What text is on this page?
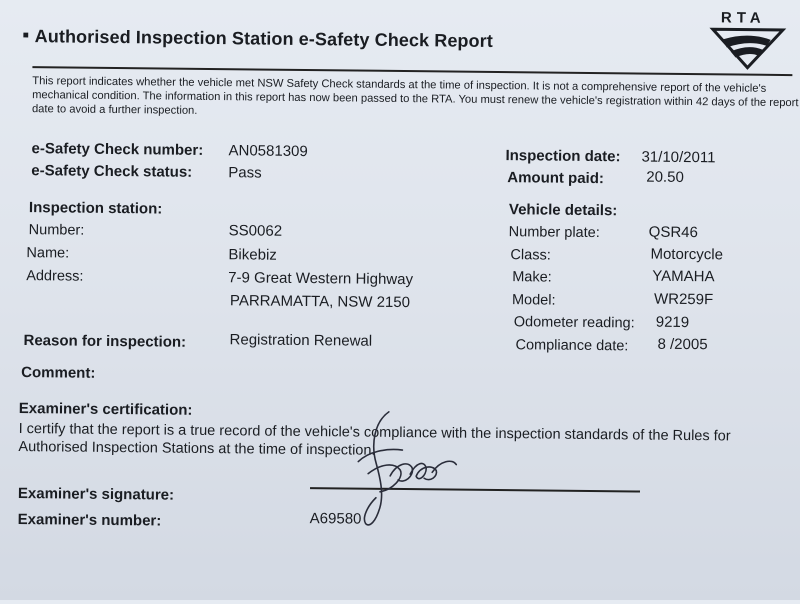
■ Authorised Inspection Station e-Safety Check Report
RTA
This report indicates whether the vehicle met NSW Safety Check standards at the time of inspection. It is not a comprehensive report of the vehicle's mechanical condition. The information in this report has now been passed to the RTA. You must renew the vehicle's registration within 42 days of the report date to avoid a further inspection.
e-Safety Check number: AN0581309
e-Safety Check status: Pass
Inspection date: 31/10/2011
Amount paid:	20.50
Inspection station:
Number:	SS0062
Name:	Bikebiz
Address:	7-9 Great Western Highway
PARRAMATTA, NSW 2150
Vehicle details:
Number plate:	QSR46
Class:	Motorcycle
Make:	YAMAHA
Model:	WR259F
Odometer reading: 9219
Compliance date: 8 /2005
Reason for inspection:	Registration Renewal
Comment:
Examiner's certification:
I certify that the report is a true record of the vehicle's compliance with the inspection standards of the Rules for Authorised Inspection Stations at the time of inspection.
Examiner's signature:
Examiner's number:	A69580
